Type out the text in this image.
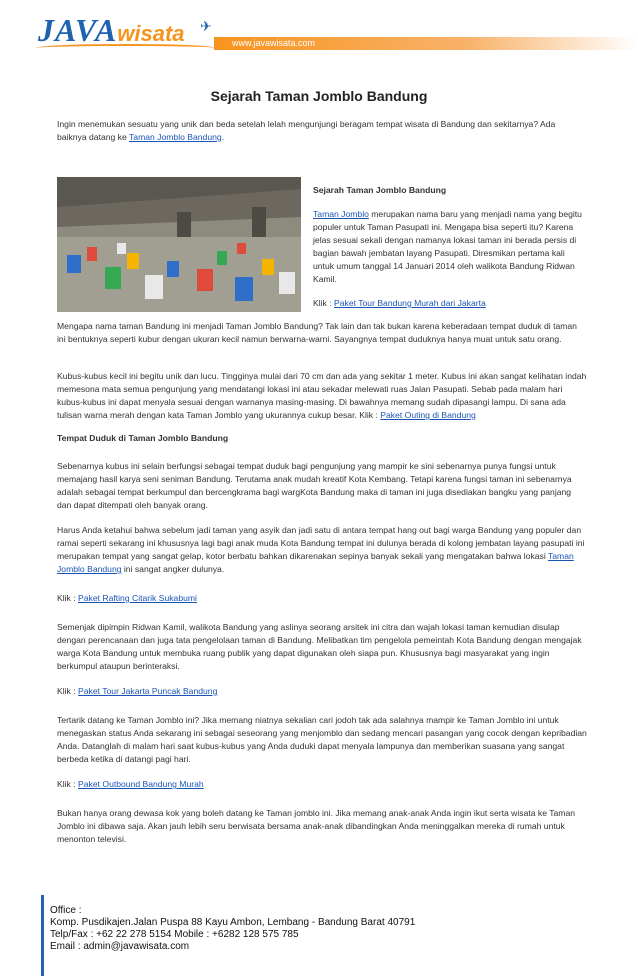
JAVAwisata ✈
www.javawisata.com
Sejarah Taman Jomblo Bandung

Ingin menemukan sesuatu yang unik dan beda setelah lelah mengunjungi beragam tempat wisata di Bandung dan sekitarnya? Ada baiknya datang ke Taman Jomblo Bandung.

Sejarah Taman Jomblo Bandung

Taman Jomblo merupakan nama baru yang menjadi nama yang begitu populer untuk Taman Pasupati ini. Mengapa bisa seperti itu? Karena jelas sesuai sekali dengan namanya lokasi taman ini berada persis di bagian bawah jembatan layang Pasupati. Diresmikan pertama kali untuk umum tanggal 14 Januari 2014 oleh walikota Bandung Ridwan Kamil.

Klik : Paket Tour Bandung Murah dari Jakarta

Mengapa nama taman Bandung ini menjadi Taman Jomblo Bandung? Tak lain dan tak bukan karena keberadaan tempat duduk di taman ini bentuknya seperti kubur dengan ukuran kecil namun berwarna-warni. Sayangnya tempat duduknya hanya muat untuk satu orang.
Kubus-kubus kecil ini begitu unik dan lucu. Tingginya mulai dari 70 cm dan ada yang sekitar 1 meter. Kubus ini akan sangat kelihatan indah memesona mata semua pengunjung yang mendatangi lokasi ini atau sekadar melewati ruas Jalan Pasupati. Sebab pada malam hari kubus-kubus ini dapat menyala sesuai dengan warnanya masing-masing. Di bawahnya memang sudah dipasangi lampu. Di sana ada tulisan warna merah dengan kata Taman Jomblo yang ukurannya cukup besar. Klik : Paket Outing di Bandung
Tempat Duduk di Taman Jomblo Bandung
Sebenarnya kubus ini selain berfungsi sebagai tempat duduk bagi pengunjung yang mampir ke sini sebenarnya punya fungsi untuk memajang hasil karya seni seniman Bandung. Terutama anak mudah kreatif Kota Kembang. Tetapi karena fungsi taman ini sebenarnya adalah sebagai tempat berkumpul dan bercengkrama bagi wargKota Bandung maka di taman ini juga disediakan bangku yang panjang dan dapat ditempati oleh banyak orang.
Harus Anda ketahui bahwa sebelum jadi taman yang asyik dan jadi satu di antara tempat hang out bagi warga Bandung yang populer dan ramai seperti sekarang ini khususnya lagi bagi anak muda Kota Bandung tempat ini dulunya berada di kolong jembatan layang pasupati ini merupakan tempat yang sangat gelap, kotor berbatu bahkan dikarenakan sepinya banyak sekali yang mengatakan bahwa lokasi Taman Jomblo Bandung ini sangat angker dulunya.
Klik : Paket Rafting Citarik Sukabumi
Semenjak dipimpin Ridwan Kamil, walikota Bandung yang aslinya seorang arsitek ini citra dan wajah lokasi taman kemudian disulap dengan perencanaan dan juga tata pengelolaan taman di Bandung. Melibatkan tim pengelola pemeintah Kota Bandung dengan mengajak warga Kota Bandung untuk membuka ruang publik yang dapat digunakan oleh siapa pun. Khususnya bagi masyarakat yang ingin berkumpul ataupun berinteraksi.
Klik : Paket Tour Jakarta Puncak Bandung
Tertarik datang ke Taman Jomblo ini? Jika memang niatnya sekalian cari jodoh tak ada salahnya mampir ke Taman Jomblo ini untuk menegaskan status Anda sekarang ini sebagai seseorang yang menjomblo dan sedang mencari pasangan yang cocok dengan kepribadian Anda. Datanglah di malam hari saat kubus-kubus yang Anda duduki dapat menyala lampunya dan memberikan suasana yang sangat berbeda ketika di datangi pagi hari.
Klik : Paket Outbound Bandung Murah
Bukan hanya orang dewasa kok yang boleh datang ke Taman jomblo ini. Jika memang anak-anak Anda ingin ikut serta wisata ke Taman Jomblo ini dibawa saja. Akan jauh lebih seru berwisata bersama anak-anak dibandingkan Anda meninggalkan mereka di rumah untuk menonton televisi.
Office :
Komp. Pusdikajen.Jalan Puspa 88 Kayu Ambon, Lembang - Bandung Barat 40791
Telp/Fax : +62 22 278 5154 Mobile : +6282 128 575 785
Email : admin@javawisata.com
